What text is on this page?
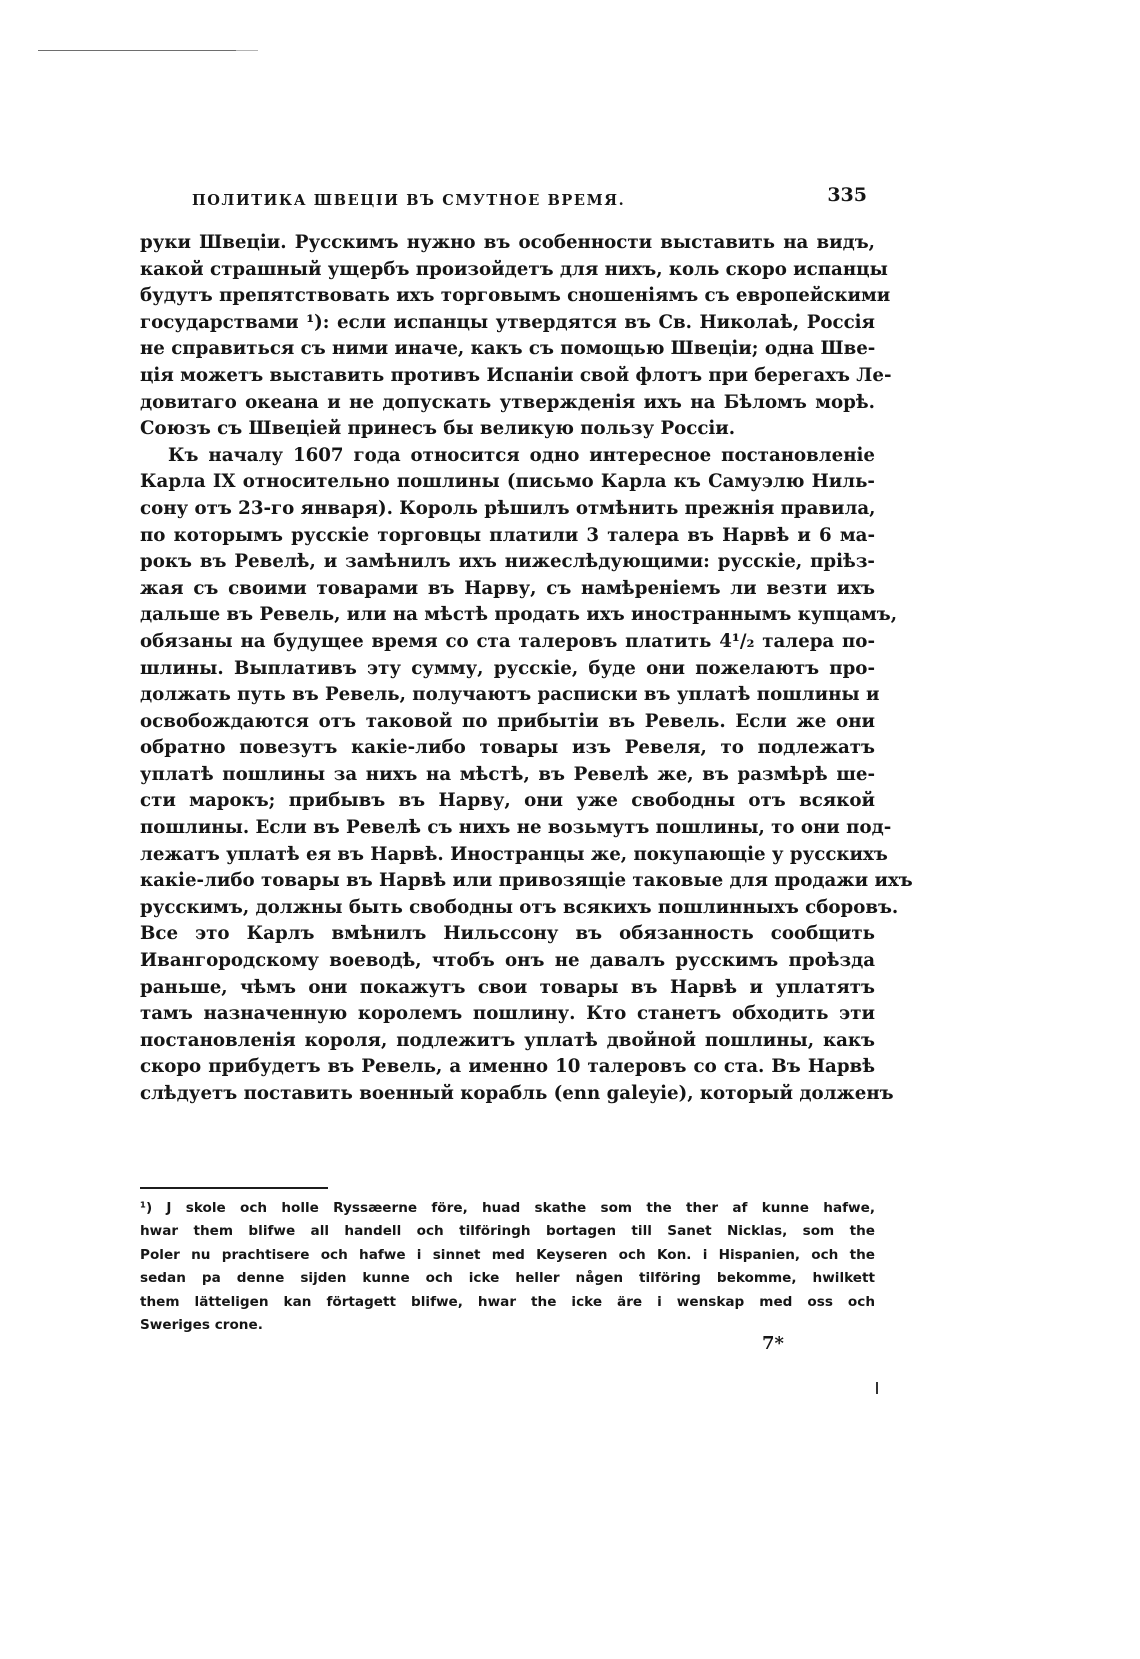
ПОЛИТИКА ШВЕЦІИ ВЪ СМУТНОЕ ВРЕМЯ.	335
руки Швеціи. Русскимъ нужно въ особенности выставить на видъ,
какой страшный ущербъ произойдетъ для нихъ, коль скоро испанцы
будутъ препятствовать ихъ торговымъ сношеніямъ съ европейскими
государствами ¹): если испанцы утвердятся въ Св. Николаѣ, Россія
не справиться съ ними иначе, какъ съ помощью Швеціи; одна Шве-
ція можетъ выставить противъ Испаніи свой флотъ при берегахъ Ле-
довитаго океана и не допускать утвержденія ихъ на Бѣломъ морѣ.
Союзъ съ Швеціей принесъ бы великую пользу Россіи.
Къ началу 1607 года относится одно интересное постановленіе
Карла IX относительно пошлины (письмо Карла къ Самуэлю Ниль-
сону отъ 23-го января). Король рѣшилъ отмѣнить прежнія правила,
по которымъ русскіе торговцы платили 3 талера въ Нарвѣ и 6 ма-
рокъ въ Ревелѣ, и замѣнилъ ихъ нижеслѣдующими: русскіе, пріѣз-
жая съ своими товарами въ Нарву, съ намѣреніемъ ли везти ихъ
дальше въ Ревель, или на мѣстѣ продать ихъ иностраннымъ купцамъ,
обязаны на будущее время со ста талеровъ платить 4¹/₂ талера по-
шлины. Выплативъ эту сумму, русскіе, буде они пожелаютъ про-
должать путь въ Ревель, получаютъ расписки въ уплатѣ пошлины и
освобождаются отъ таковой по прибытіи въ Ревель. Если же они
обратно повезутъ какіе-либо товары изъ Ревеля, то подлежатъ
уплатѣ пошлины за нихъ на мѣстѣ, въ Ревелѣ же, въ размѣрѣ ше-
сти марокъ; прибывъ въ Нарву, они уже свободны отъ всякой
пошлины. Если въ Ревелѣ съ нихъ не возьмутъ пошлины, то они под-
лежатъ уплатѣ ея въ Нарвѣ. Иностранцы же, покупающіе у русскихъ
какіе-либо товары въ Нарвѣ или привозящіе таковые для продажи ихъ
русскимъ, должны быть свободны отъ всякихъ пошлинныхъ сборовъ.
Все это Карлъ вмѣнилъ Нильссону въ обязанность сообщить
Ивангородскому воеводѣ, чтобъ онъ не давалъ русскимъ проѣзда
раньше, чѣмъ они покажутъ свои товары въ Нарвѣ и уплатятъ
тамъ назначенную королемъ пошлину. Кто станетъ обходить эти
постановленія короля, подлежитъ уплатѣ двойной пошлины, какъ
скоро прибудетъ въ Ревель, а именно 10 талеровъ со ста. Въ Нарвѣ
слѣдуетъ поставить военный корабль (enn galeyie), который долженъ
¹) J skole och holle Ryssæerne före, huad skathe som the ther af kunne hafwe,
hwar them blifwe all handell och tilföringh bortagen till Sanet Nicklas, som the
Poler nu prachtisere och hafwe i sinnet med Keyseren och Kon. i Hispanien, och the
sedan pa denne sijden kunne och icke heller någen tilföring bekomme, hwilkett
them lätteligen kan förtagett blifwe, hwar the icke äre i wenskap med oss och
Sweriges crone.
7*
